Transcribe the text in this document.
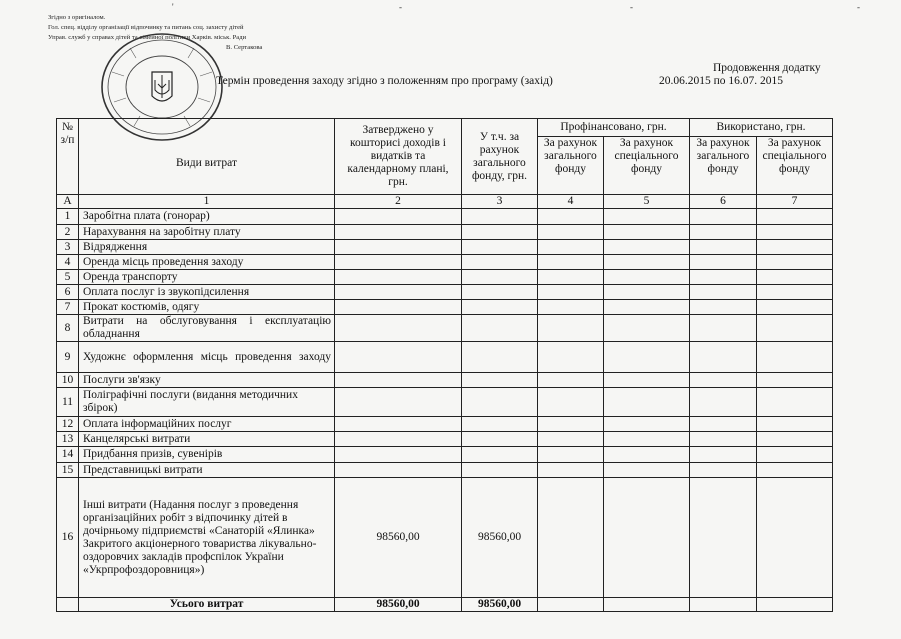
'	-	-	-
Згідно з оригіналом.
Гол. спец. відділу організації відпочинку та питань соц. захисту дітей
Управ. служб у справах дітей та сімейної політики Харків. міськ. Ради
В. Сертакова
Продовження додатку
Термін проведення заходу згідно з положенням про програму (захід)	20.06.2015 по 16.07. 2015
№ з/п	Види витрат	Затверджено у кошторисі доходів і видатків та календарному плані, грн.	У т.ч. за рахунок загального фонду, грн.	Профінансовано, грн.		Використано, грн.	
				За рахунок загального фонду	За рахунок спеціального фонду	За рахунок загального фонду	За рахунок спеціального фонду
А	1	2	3	4	5	6	7
1	Заробітна плата (гонорар)						
2	Нарахування на заробітну плату						
3	Відрядження						
4	Оренда місць проведення заходу						
5	Оренда транспорту						
6	Оплата послуг із звукопідсилення						
7	Прокат костюмів, одягу						
8	Витрати на обслуговування і експлуатацію обладнання						
9	Художнє оформлення місць проведення заходу						
10	Послуги зв'язку						
11	Поліграфічні послуги (видання методичних збірок)						
12	Оплата інформаційних послуг						
13	Канцелярські витрати						
14	Придбання призів, сувенірів						
15	Представницькі витрати						
16	Інші витрати (Надання послуг з проведення організаційних робіт з відпочинку дітей в дочірньому підприємстві «Санаторій «Ялинка» Закритого акціонерного товариства лікувально-оздоровчих закладів профспілок України «Укрпрофоздоровниця»)	98560,00	98560,00				
	Усього витрат	98560,00	98560,00				
